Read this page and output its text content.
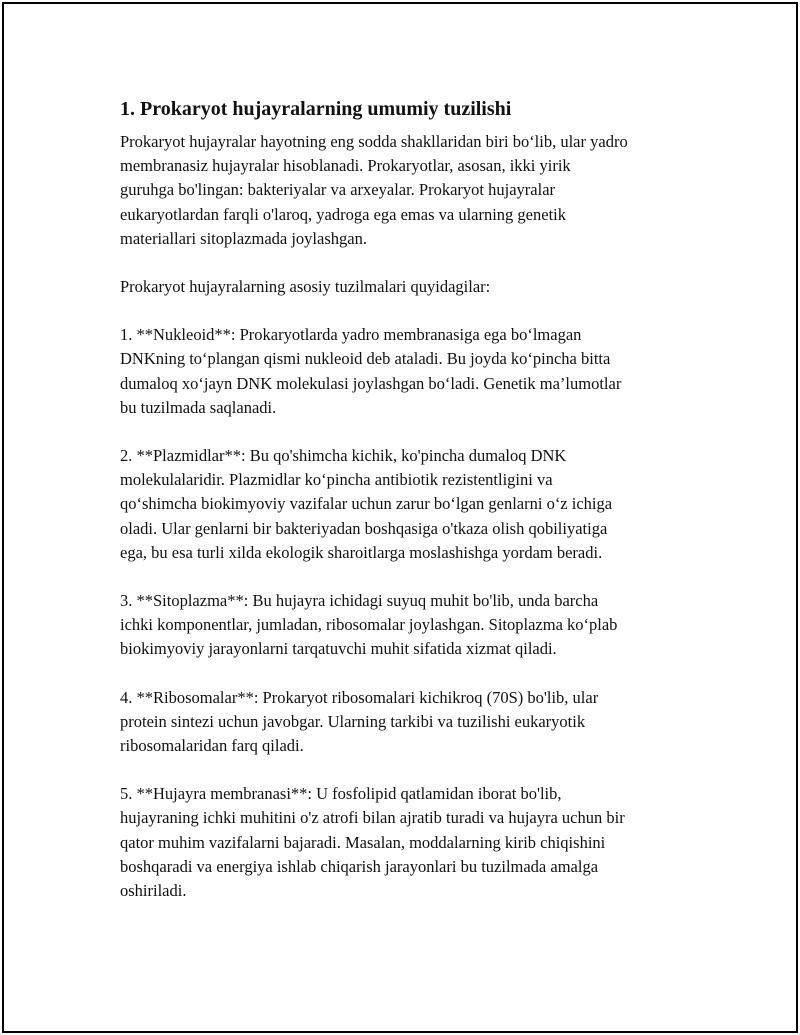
1. Prokaryot hujayralarning umumiy tuzilishi

Prokaryot hujayralar hayotning eng sodda shakllaridan biri bo‘lib, ular yadro
membranasiz hujayralar hisoblanadi. Prokaryotlar, asosan, ikki yirik
guruhga bo'lingan: bakteriyalar va arxeyalar. Prokaryot hujayralar
eukaryotlardan farqli o'laroq, yadroga ega emas va ularning genetik
materiallari sitoplazmada joylashgan.

Prokaryot hujayralarning asosiy tuzilmalari quyidagilar:

1. **Nukleoid**: Prokaryotlarda yadro membranasiga ega bo‘lmagan
DNKning to‘plangan qismi nukleoid deb ataladi. Bu joyda ko‘pincha bitta
dumaloq xo‘jayn DNK molekulasi joylashgan bo‘ladi. Genetik ma’lumotlar
bu tuzilmada saqlanadi.

2. **Plazmidlar**: Bu qo'shimcha kichik, ko'pincha dumaloq DNK
molekulalaridir. Plazmidlar ko‘pincha antibiotik rezistentligini va
qo‘shimcha biokimyoviy vazifalar uchun zarur bo‘lgan genlarni o‘z ichiga
oladi. Ular genlarni bir bakteriyadan boshqasiga o'tkaza olish qobiliyatiga
ega, bu esa turli xilda ekologik sharoitlarga moslashishga yordam beradi.

3. **Sitoplazma**: Bu hujayra ichidagi suyuq muhit bo'lib, unda barcha
ichki komponentlar, jumladan, ribosomalar joylashgan. Sitoplazma ko‘plab
biokimyoviy jarayonlarni tarqatuvchi muhit sifatida xizmat qiladi.

4. **Ribosomalar**: Prokaryot ribosomalari kichikroq (70S) bo'lib, ular
protein sintezi uchun javobgar. Ularning tarkibi va tuzilishi eukaryotik
ribosomalaridan farq qiladi.

5. **Hujayra membranasi**: U fosfolipid qatlamidan iborat bo'lib,
hujayraning ichki muhitini o'z atrofi bilan ajratib turadi va hujayra uchun bir
qator muhim vazifalarni bajaradi. Masalan, moddalarning kirib chiqishini
boshqaradi va energiya ishlab chiqarish jarayonlari bu tuzilmada amalga
oshiriladi.
